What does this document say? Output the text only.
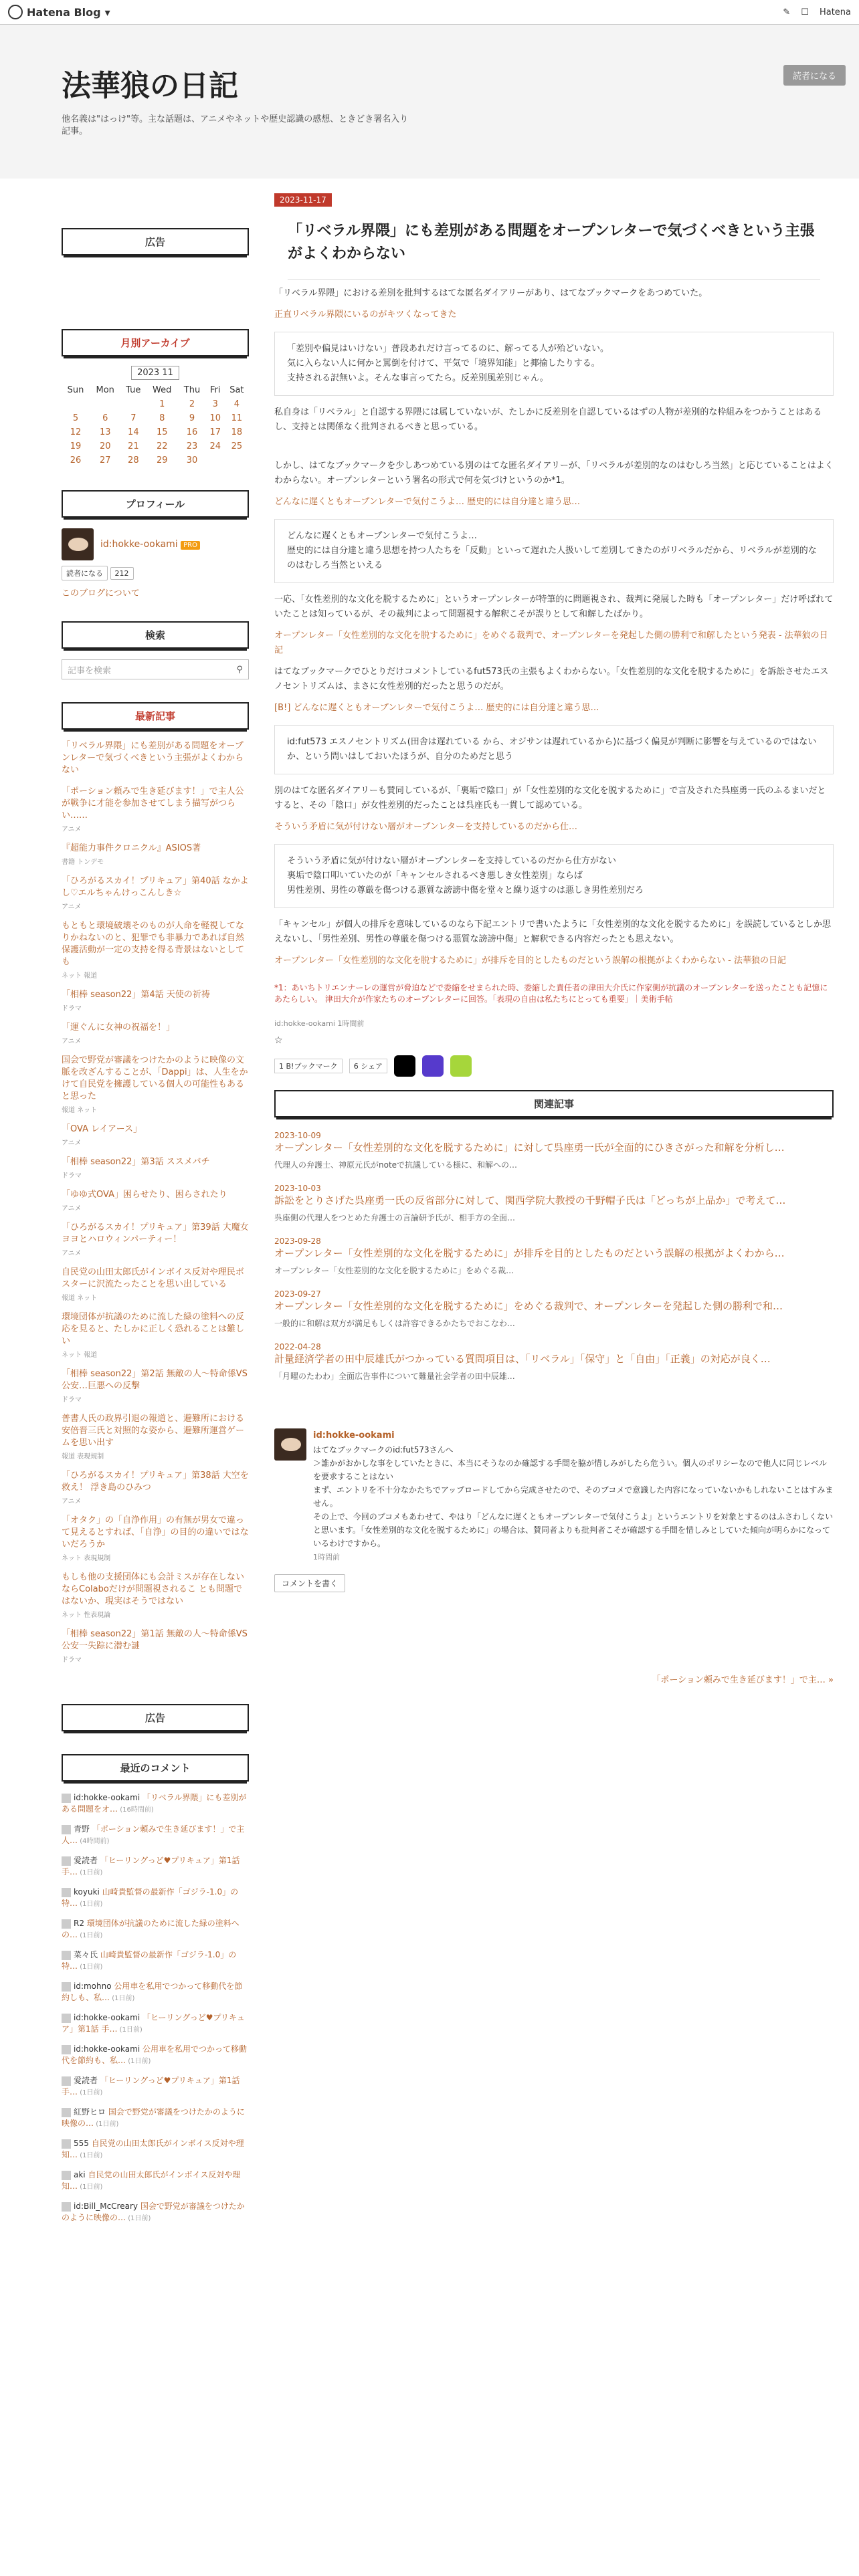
Hatena Blog ▾	✎ ☐ Hatena
法華狼の日記
他名義は"はっけ"等。主な話題は、アニメやネットや歴史認識の感想、ときどき署名入り記事。
読者になる
広告
月別アーカイブ
2023 11
Sun	Mon	Tue	Wed	Thu	Fri	Sat
			1	2	3	4
5	6	7	8	9	10	11
12	13	14	15	16	17	18
19	20	21	22	23	24	25
26	27	28	29	30		
プロフィール
id:hokke-ookami PRO
読者になる 212
このブログについて
検索
記事を検索	⚲
最新記事
「リベラル界隈」にも差別がある問題をオープンレターで気づくべきという主張がよくわからない
「ポーション頼みで生き延びます！」で主人公が戦争に才能を参加させてしまう描写がつらい……
アニメ
『超能力事件クロニクル』ASIOS著
書籍 トンデモ
「ひろがるスカイ！プリキュア」第40話 なかよし♡エルちゃんけっこんしき☆
アニメ
もともと環境破壊そのものが人命を軽視してなりかねないのと、犯罪でも非暴力であれば自然保護活動が一定の支持を得る背景はないとしても
ネット 報道
「相棒 season22」第4話 天使の祈祷
ドラマ
「運ぐんに女神の祝福を！」
アニメ
国会で野党が審議をつけたかのように映像の文脈を改ざんすることが、「Dappi」は、人生をかけて自民党を擁護している個人の可能性もあると思った
報道 ネット
「OVA レイアース」
アニメ
「相棒 season22」第3話 ススメバチ
ドラマ
「ゆゆ式OVA」困らせたり、困らされたり
アニメ
「ひろがるスカイ！プリキュア」第39話 大魔女ヨヨとハロウィンパーティー！
アニメ
自民党の山田太郎氏がインボイス反対や理民ボスターに沢流たったことを思い出している
報道 ネット
環境団体が抗議のために流した緑の塗料への反応を見ると、たしかに正しく恐れることは難しい
ネット 報道
「相棒 season22」第2話 無敵の人〜特命係VS公安…巨悪への反撃
ドラマ
普書人氏の政界引退の報道と、避難所における安倍晋三氏と対照的な姿から、避難所運営ゲームを思い出す
報道 表現規制
「ひろがるスカイ！プリキュア」第38話 大空を救え！ 浮き島のひみつ
アニメ
「オタク」の「自浄作用」の有無が男女で違って見えるとすれば、「自浄」の目的の違いではないだろうか
ネット 表現規制
もしも他の支援団体にも会計ミスが存在しないならColaboだけが問題視されるこ とも問題ではないか、現実はそうではない
ネット 性表現論
「相棒 season22」第1話 無敵の人〜特命係VS公安一失踪に潜む謎
ドラマ
広告
最近のコメント
id:hokke-ookami 「リベラル界隈」にも差別がある問題をオ… (16時間前)
青野 「ポーション頼みで生き延びます！」で主人… (4時間前)
愛読者 「ヒーリングっど♥プリキュア」第1話 手… (1日前)
koyuki 山崎貴監督の最新作「ゴジラ-1.0」の特… (1日前)
R2 環境団体が抗議のために流した緑の塗料への… (1日前)
菜々氏 山崎貴監督の最新作「ゴジラ-1.0」の特… (1日前)
id:mohno 公用車を私用でつかって移動代を節約しも、私… (1日前)
id:hokke-ookami 「ヒーリングっど♥プリキュア」第1話 手… (1日前)
id:hokke-ookami 公用車を私用でつかって移動代を節約も、私… (1日前)
愛読者 「ヒーリングっど♥プリキュア」第1話 手… (1日前)
紅野ヒロ 国会で野党が審議をつけたかのように映像の… (1日前)
555 自民党の山田太郎氏がインボイス反対や理知… (1日前)
aki 自民党の山田太郎氏がインボイス反対や理知… (1日前)
id:Bill_McCreary 国会で野党が審議をつけたかのように映像の… (1日前)
2023-11-17
「リベラル界隈」にも差別がある問題をオープンレターで気づくべきという主張がよくわからない

「リベラル界隈」における差別を批判するはてな匿名ダイアリーがあり、はてなブックマークをあつめていた。

正直リベラル界隈にいるのがキツくなってきた

「差別や偏見はいけない」普段あれだけ言ってるのに、解ってる人が殆どいない。
気に入らない人に何かと罵倒を付けて、平気で「境界知能」と揶揄したりする。
支持される訳無いよ。そんな事言ってたら。反差別風差別じゃん。

私自身は「リベラル」と自認する界隈には属していないが、たしかに反差別を自認しているはずの人物が差別的な枠組みをつかうことはあるし、支持とは関係なく批判されるべきと思っている。

しかし、はてなブックマークを少しあつめている別のはてな匿名ダイアリーが、「リベラルが差別的なのはむしろ当然」と応じていることはよくわからない。オープンレターという署名の形式で何を気づけというのか*1。

どんなに遅くともオープンレターで気付こうよ… 歴史的には自分達と違う思…

どんなに遅くともオープンレターで気付こうよ…
歴史的には自分達と違う思想を持つ人たちを「反動」といって遅れた人扱いして差別してきたのがリベラルだから、リベラルが差別的なのはむしろ当然といえる

一応、「女性差別的な文化を脱するために」というオープンレターが特筆的に問題視され、裁判に発展した時も「オープンレター」だけ呼ばれていたことは知っているが、その裁判によって問題視する解釈こそが誤りとして和解したばかり。

オープンレター「女性差別的な文化を脱するために」をめぐる裁判で、オープンレターを発起した側の勝利で和解したという発表 - 法華狼の日記

はてなブックマークでひとりだけコメントしているfut573氏の主張もよくわからない。「女性差別的な文化を脱するために」を訴訟させたエスノセントリズムは、まさに女性差別的だったと思うのだが。

[B!] どんなに遅くともオープンレターで気付こうよ… 歴史的には自分達と違う思…

id:fut573 エスノセントリズム(田舎は遅れている から、オジサンは遅れているから)に基づく偏見が判断に影響を与えているのではないか、という問いはしておいたほうが、自分のためだと思う

別のはてな匿名ダイアリーも賛同しているが、「裏垢で陰口」が「女性差別的な文化を脱するために」で言及された呉座勇一氏のふるまいだとすると、その「陰口」が女性差別的だったことは呉座氏も一貫して認めている。

そういう矛盾に気が付けない層がオープンレターを支持しているのだから仕…

そういう矛盾に気が付けない層がオープンレターを支持しているのだから仕方がない
裏垢で陰口叩いていたのが「キャンセルされるべき悪しき女性差別」ならば
男性差別、男性の尊厳を傷つける悪質な謗謗中傷を堂々と繰り返すのは悪しき男性差別だろ

「キャンセル」が個人の排斥を意味しているのなら下記エントリで書いたように「女性差別的な文化を脱するために」を誤読しているとしか思えないし、「男性差別、男性の尊厳を傷つける悪質な謗謗中傷」と解釈できる内容だったとも思えない。

オープンレター「女性差別的な文化を脱するために」が排斥を目的としたものだという誤解の根拠がよくわからない - 法華狼の日記

*1：あいちトリエンナーレの運営が脅迫などで委縮をせまられた時、委縮した責任者の津田大介氏に作家側が抗議のオープンレターを送ったことも記憶にあたらしい。 津田大介が作家たちのオープンレターに回答。「表現の自由は私たちにとっても重要」｜美術手帖
id:hokke-ookami 1時間前
☆
1 B!ブックマーク	6 シェア
関連記事
2023-10-09
オープンレター「女性差別的な文化を脱するために」に対して呉座勇一氏が全面的にひきさがった和解を分析し…
代理人の弁護士、神原元氏がnoteで抗議している様に、和解への…
2023-10-03
訴訟をとりさげた呉座勇一氏の反省部分に対して、関西学院大教授の千野帽子氏は「どっちが上品か」で考えて…
呉座側の代理人をつとめた弁護士の言論研予氏が、相手方の全面…
2023-09-28
オープンレター「女性差別的な文化を脱するために」が排斥を目的としたものだという誤解の根拠がよくわから…
オープンレター「女性差別的な文化を脱するために」をめぐる裁…
2023-09-27
オープンレター「女性差別的な文化を脱するために」をめぐる裁判で、オープンレターを発起した側の勝利で和…
一般的に和解は双方が満足もしくは許容できるかたちでおこなわ…
2022-04-28
計量経済学者の田中辰雄氏がつかっている質問項目は、「リベラル」「保守」と「自由」「正義」の対応が良く…
「月曜のたわわ」全面広告事件について難量社会学者の田中辰雄…
id:hokke-ookami
はてなブックマークのid:fut573さんへ
＞誰かがおかしな事をしていたときに、本当にそうなのか確認する手間を脇が惜しみがしたら危うい。個人のポリシーなので他人に同じレベルを要求することはない
まず、エントリを不十分なかたちでアップロードしてから完成させたので、そのブコメで意識した内容になっていないかもしれないことはすみません。
その上で、今回のブコメもあわせて、やはり「どんなに遅くともオープンレターで気付こうよ」というエントリを対象とするのはふさわしくないと思います。「女性差別的な文化を脱するために」の場合は、賛同者よりも批判者こそが確認する手間を惜しみとしていた傾向が明らかになっているわけですから。
1時間前
コメントを書く
「ポーション頼みで生き延びます！」で主… »
